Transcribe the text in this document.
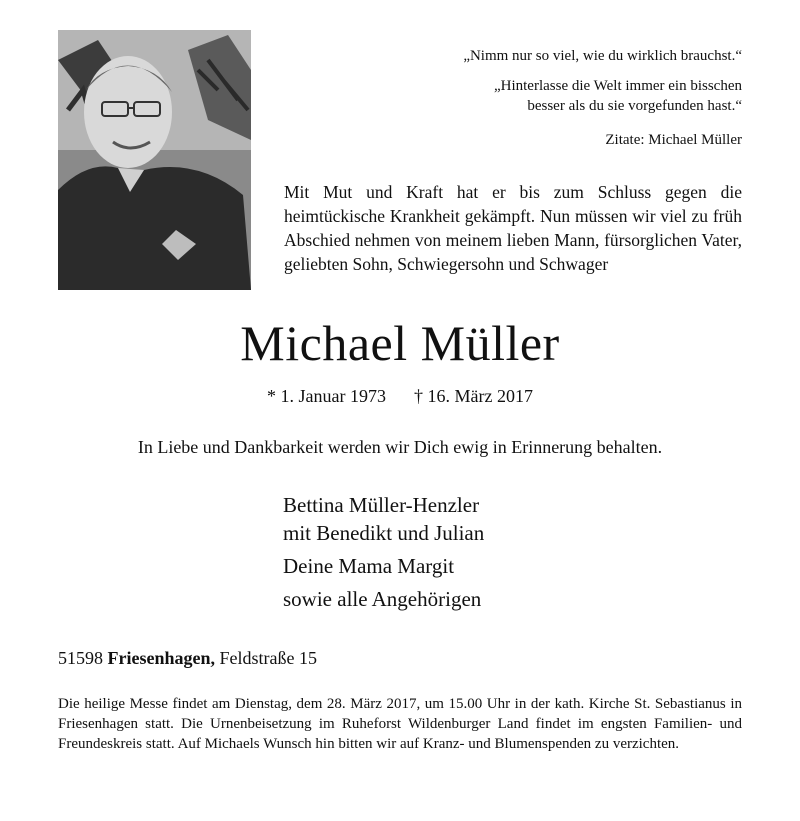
„Nimm nur so viel, wie du wirklich brauchst.“

„Hinterlasse die Welt immer ein bisschen
besser als du sie vorgefunden hast.“

Zitate: Michael Müller

Mit Mut und Kraft hat er bis zum Schluss gegen die heimtückische Krankheit gekämpft. Nun müssen wir viel zu früh Abschied nehmen von meinem lieben Mann, fürsorglichen Vater, geliebten Sohn, Schwiegersohn und Schwager
Michael Müller
* 1. Januar 1973 † 16. März 2017
In Liebe und Dankbarkeit werden wir Dich ewig in Erinnerung behalten.
Bettina Müller-Henzler
mit Benedikt und Julian
Deine Mama Margit
sowie alle Angehörigen
51598 Friesenhagen, Feldstraße 15
Die heilige Messe findet am Dienstag, dem 28. März 2017, um 15.00 Uhr in der kath. Kirche St. Sebastianus in Friesenhagen statt. Die Urnenbeisetzung im Ruheforst Wildenburger Land findet im engsten Familien- und Freundeskreis statt. Auf Michaels Wunsch hin bitten wir auf Kranz- und Blumenspenden zu verzichten.
